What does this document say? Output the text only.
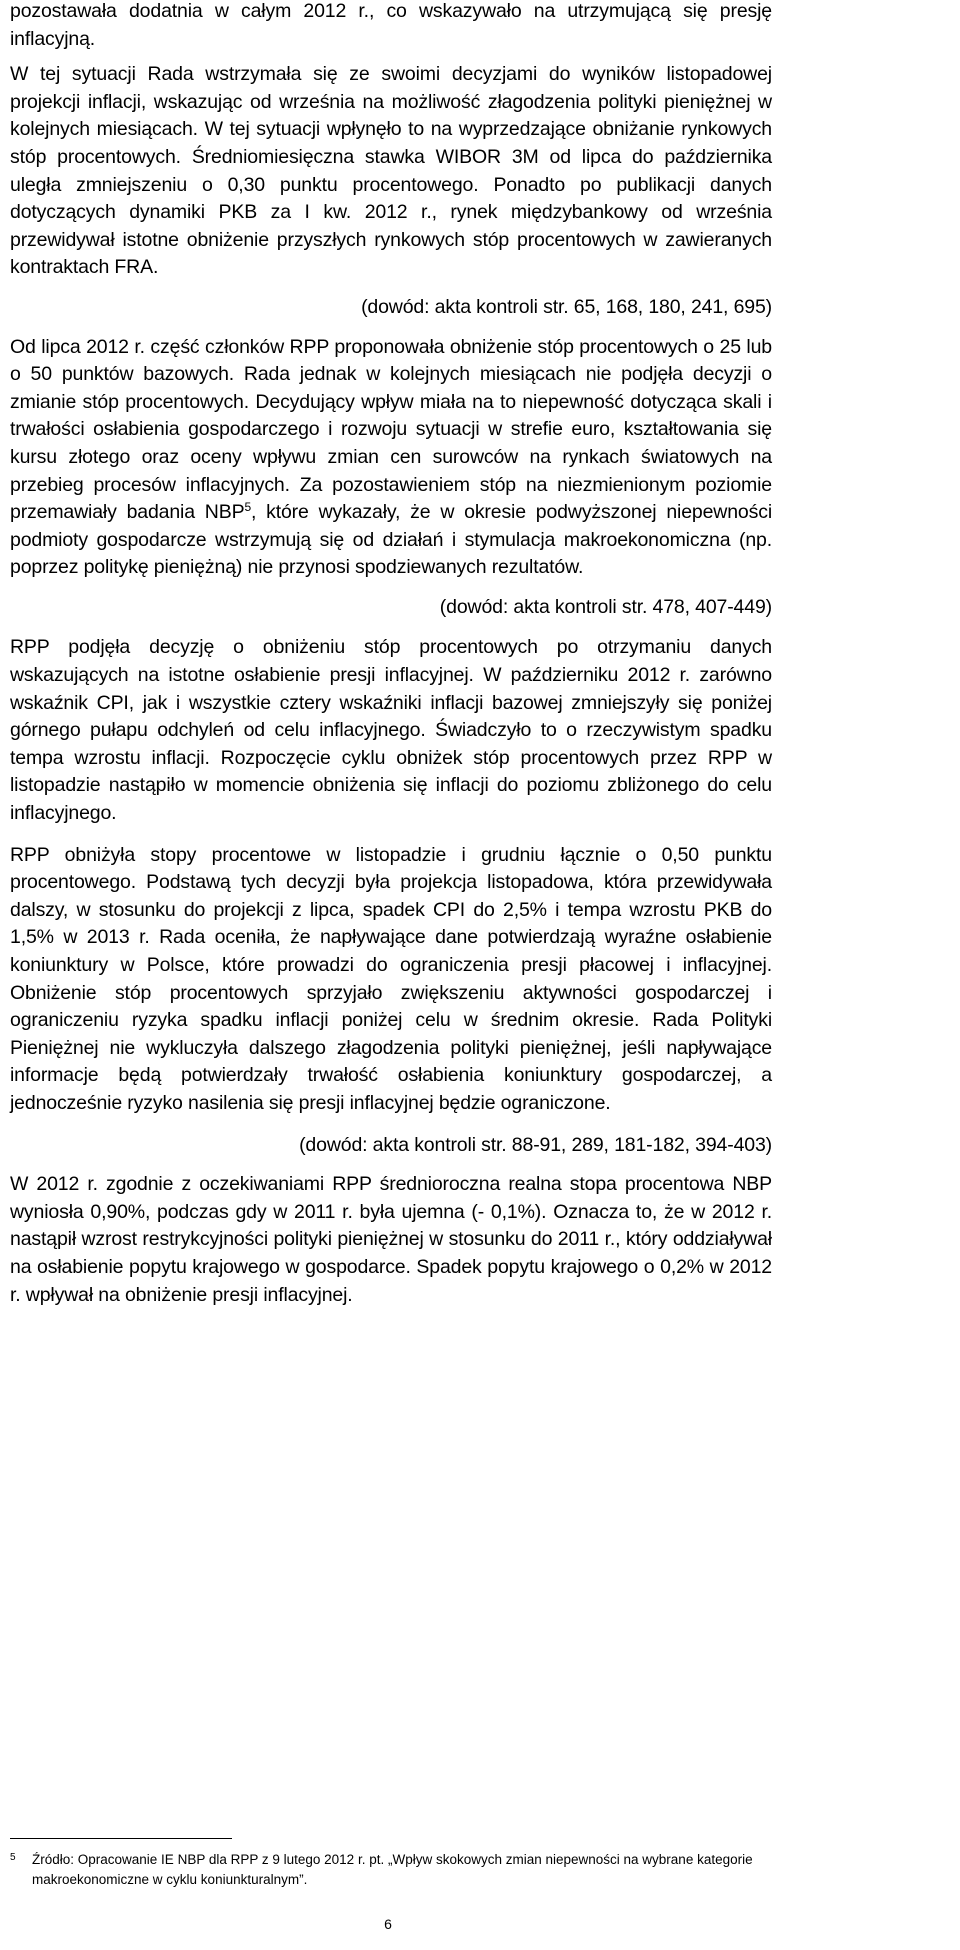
pozostawała dodatnia w całym 2012 r., co wskazywało na utrzymującą się presję inflacyjną.

W tej sytuacji Rada wstrzymała się ze swoimi decyzjami do wyników listopadowej projekcji inflacji, wskazując od września na możliwość złagodzenia polityki pieniężnej w kolejnych miesiącach. W tej sytuacji wpłynęło to na wyprzedzające obniżanie rynkowych stóp procentowych. Średniomiesięczna stawka WIBOR 3M od lipca do października uległa zmniejszeniu o 0,30 punktu procentowego. Ponadto po publikacji danych dotyczących dynamiki PKB za I kw. 2012 r., rynek międzybankowy od września przewidywał istotne obniżenie przyszłych rynkowych stóp procentowych w zawieranych kontraktach FRA.

(dowód: akta kontroli str. 65, 168, 180, 241, 695)

Od lipca 2012 r. część członków RPP proponowała obniżenie stóp procentowych o 25 lub o 50 punktów bazowych. Rada jednak w kolejnych miesiącach nie podjęła decyzji o zmianie stóp procentowych. Decydujący wpływ miała na to niepewność dotycząca skali i trwałości osłabienia gospodarczego i rozwoju sytuacji w strefie euro, kształtowania się kursu złotego oraz oceny wpływu zmian cen surowców na rynkach światowych na przebieg procesów inflacyjnych. Za pozostawieniem stóp na niezmienionym poziomie przemawiały badania NBP$^5$, które wykazały, że w okresie podwyższonej niepewności podmioty gospodarcze wstrzymują się od działań i stymulacja makroekonomiczna (np. poprzez politykę pieniężną) nie przynosi spodziewanych rezultatów.

(dowód: akta kontroli str. 478, 407-449)

RPP podjęła decyzję o obniżeniu stóp procentowych po otrzymaniu danych wskazujących na istotne osłabienie presji inflacyjnej. W październiku 2012 r. zarówno wskaźnik CPI, jak i wszystkie cztery wskaźniki inflacji bazowej zmniejszyły się poniżej górnego pułapu odchyleń od celu inflacyjnego. Świadczyło to o rzeczywistym spadku tempa wzrostu inflacji. Rozpoczęcie cyklu obniżek stóp procentowych przez RPP w listopadzie nastąpiło w momencie obniżenia się inflacji do poziomu zbliżonego do celu inflacyjnego.

RPP obniżyła stopy procentowe w listopadzie i grudniu łącznie o 0,50 punktu procentowego. Podstawą tych decyzji była projekcja listopadowa, która przewidywała dalszy, w stosunku do projekcji z lipca, spadek CPI do 2,5% i tempa wzrostu PKB do 1,5% w 2013 r. Rada oceniła, że napływające dane potwierdzają wyraźne osłabienie koniunktury w Polsce, które prowadzi do ograniczenia presji płacowej i inflacyjnej. Obniżenie stóp procentowych sprzyjało zwiększeniu aktywności gospodarczej i ograniczeniu ryzyka spadku inflacji poniżej celu w średnim okresie. Rada Polityki Pieniężnej nie wykluczyła dalszego złagodzenia polityki pieniężnej, jeśli napływające informacje będą potwierdzały trwałość osłabienia koniunktury gospodarczej, a jednocześnie ryzyko nasilenia się presji inflacyjnej będzie ograniczone.

(dowód: akta kontroli str. 88-91, 289, 181-182, 394-403)

W 2012 r. zgodnie z oczekiwaniami RPP średnioroczna realna stopa procentowa NBP wyniosła 0,90%, podczas gdy w 2011 r. była ujemna (- 0,1%). Oznacza to, że w 2012 r. nastąpił wzrost restrykcyjności polityki pieniężnej w stosunku do 2011 r., który oddziaływał na osłabienie popytu krajowego w gospodarce. Spadek popytu krajowego o 0,2% w 2012 r. wpływał na obniżenie presji inflacyjnej.

5	Źródło: Opracowanie IE NBP dla RPP z 9 lutego 2012 r. pt. „Wpływ skokowych zmian niepewności na wybrane kategorie makroekonomiczne w cyklu koniunkturalnym”.
6
